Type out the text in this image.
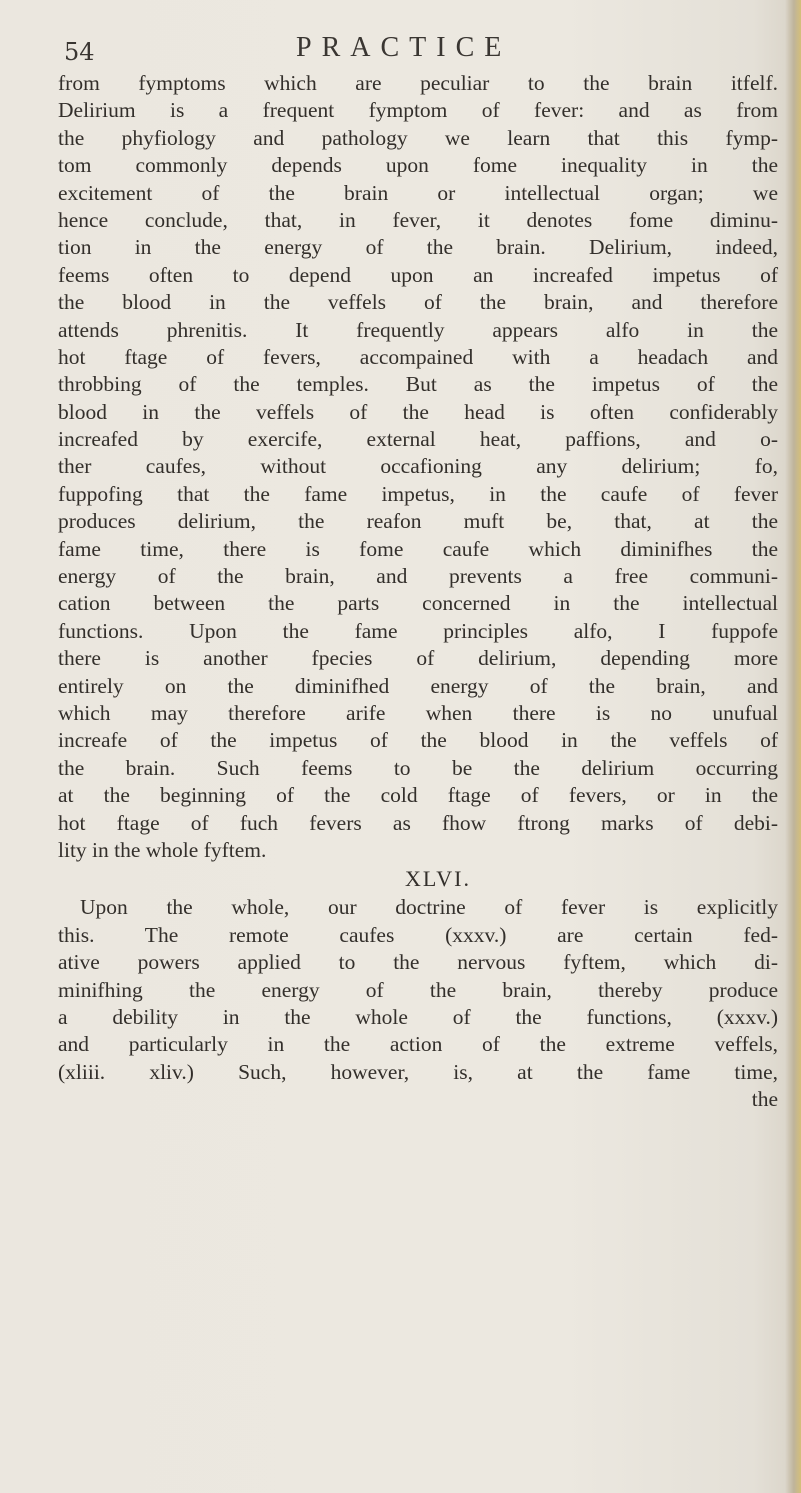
54	PRACTICE
from fymptoms which are peculiar to the brain itfelf.
Delirium is a frequent fymptom of fever: and as from
the phyfiology and pathology we learn that this fymp-
tom commonly depends upon fome inequality in the
excitement of the brain or intellectual organ; we
hence conclude, that, in fever, it denotes fome diminu-
tion in the energy of the brain. Delirium, indeed,
feems often to depend upon an increafed impetus of
the blood in the veffels of the brain, and therefore
attends phrenitis. It frequently appears alfo in the
hot ftage of fevers, accompained with a headach and
throbbing of the temples. But as the impetus of the
blood in the veffels of the head is often confiderably
increafed by exercife, external heat, paffions, and o-
ther caufes, without occafioning any delirium; fo,
fuppofing that the fame impetus, in the caufe of fever
produces delirium, the reafon muft be, that, at the
fame time, there is fome caufe which diminifhes the
energy of the brain, and prevents a free communi-
cation between the parts concerned in the intellectual
functions. Upon the fame principles alfo, I fuppofe
there is another fpecies of delirium, depending more
entirely on the diminifhed energy of the brain, and
which may therefore arife when there is no unufual
increafe of the impetus of the blood in the veffels of
the brain. Such feems to be the delirium occurring
at the beginning of the cold ftage of fevers, or in the
hot ftage of fuch fevers as fhow ftrong marks of debi-
lity in the whole fyftem.
XLVI.
Upon the whole, our doctrine of fever is explicitly
this. The remote caufes (xxxv.) are certain fed-
ative powers applied to the nervous fyftem, which di-
minifhing the energy of the brain, thereby produce
a debility in the whole of the functions, (xxxv.)
and particularly in the action of the extreme veffels,
(xliii. xliv.) Such, however, is, at the fame time,
the
